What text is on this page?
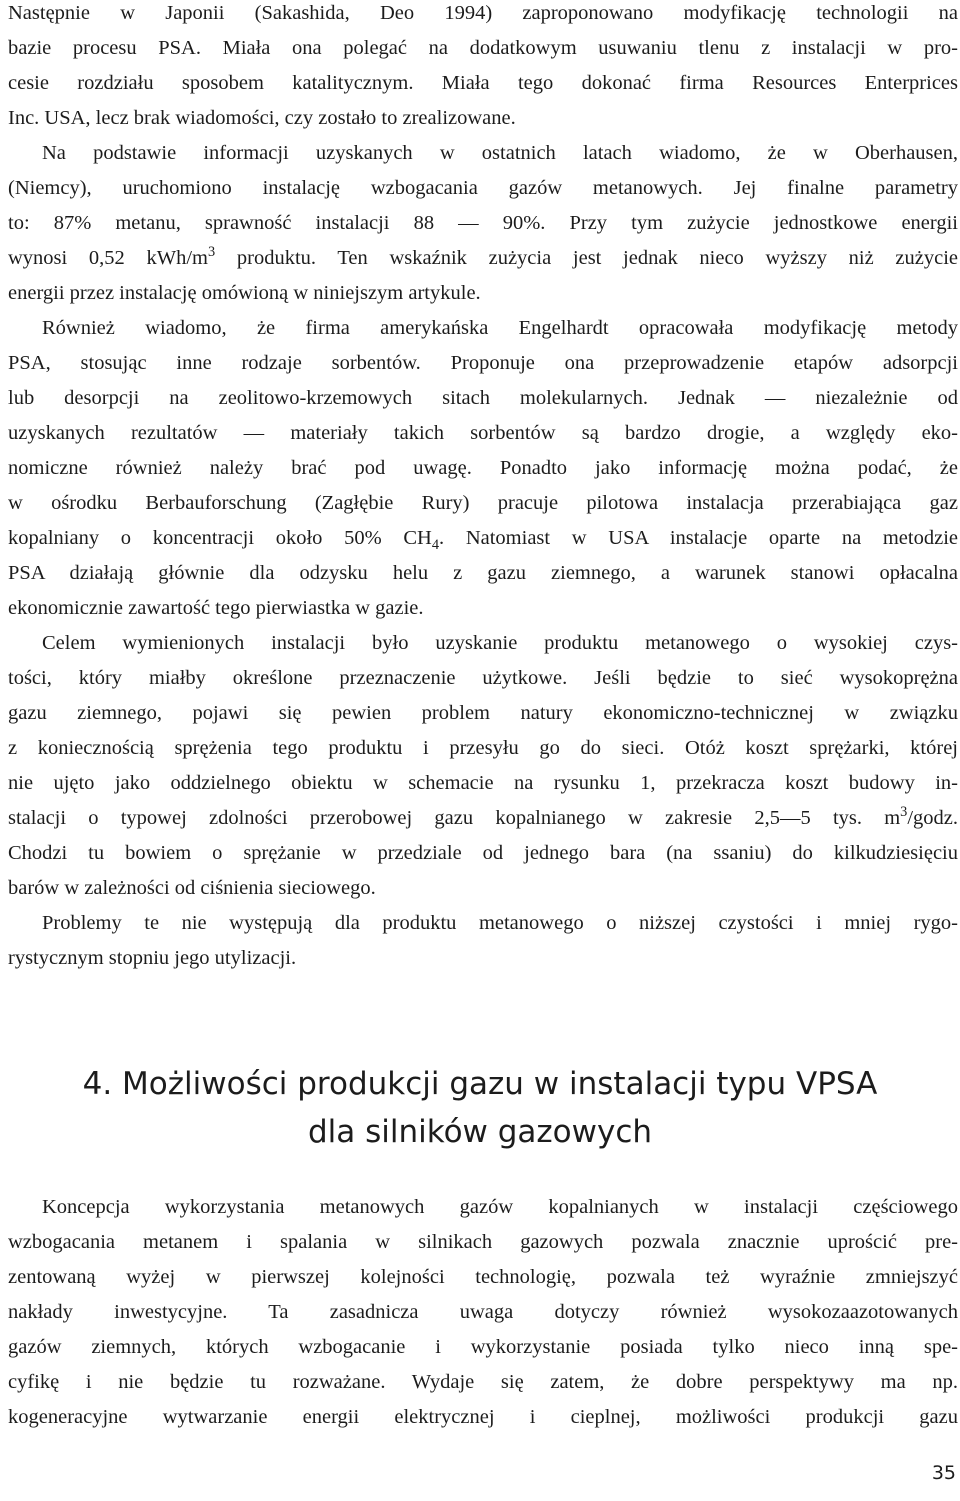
Następnie w Japonii (Sakashida, Deo 1994) zaproponowano modyfikację technologii na
bazie procesu PSA. Miała ona polegać na dodatkowym usuwaniu tlenu z instalacji w pro-
cesie rozdziału sposobem katalitycznym. Miała tego dokonać firma Resources Enterprices
Inc. USA, lecz brak wiadomości, czy zostało to zrealizowane.
Na podstawie informacji uzyskanych w ostatnich latach wiadomo, że w Oberhausen,
(Niemcy), uruchomiono instalację wzbogacania gazów metanowych. Jej finalne parametry
to: 87% metanu, sprawność instalacji 88 — 90%. Przy tym zużycie jednostkowe energii
wynosi 0,52 kWh/$m^3$ produktu. Ten wskaźnik zużycia jest jednak nieco wyższy niż zużycie
energii przez instalację omówioną w niniejszym artykule.
Również wiadomo, że firma amerykańska Engelhardt opracowała modyfikację metody
PSA, stosując inne rodzaje sorbentów. Proponuje ona przeprowadzenie etapów adsorpcji
lub desorpcji na zeolitowo-krzemowych sitach molekularnych. Jednak — niezależnie od
uzyskanych rezultatów — materiały takich sorbentów są bardzo drogie, a względy eko-
nomiczne również należy brać pod uwagę. Ponadto jako informację można podać, że
w ośrodku Berbauforschung (Zagłębie Rury) pracuje pilotowa instalacja przerabiająca gaz
kopalniany o koncentracji około 50% $CH_4$. Natomiast w USA instalacje oparte na metodzie
PSA działają głównie dla odzysku helu z gazu ziemnego, a warunek stanowi opłacalna
ekonomicznie zawartość tego pierwiastka w gazie.
Celem wymienionych instalacji było uzyskanie produktu metanowego o wysokiej czys-
tości, który miałby określone przeznaczenie użytkowe. Jeśli będzie to sieć wysokoprężna
gazu ziemnego, pojawi się pewien problem natury ekonomiczno-technicznej w związku
z koniecznością sprężenia tego produktu i przesyłu go do sieci. Otóż koszt sprężarki, której
nie ujęto jako oddzielnego obiektu w schemacie na rysunku 1, przekracza koszt budowy in-
stalacji o typowej zdolności przerobowej gazu kopalnianego w zakresie 2,5—5 tys. $m^3$/godz.
Chodzi tu bowiem o sprężanie w przedziale od jednego bara (na ssaniu) do kilkudziesięciu
barów w zależności od ciśnienia sieciowego.
Problemy te nie występują dla produktu metanowego o niższej czystości i mniej rygo-
rystycznym stopniu jego utylizacji.
4. Możliwości produkcji gazu w instalacji typu VPSA
dla silników gazowych
Koncepcja wykorzystania metanowych gazów kopalnianych w instalacji częściowego
wzbogacania metanem i spalania w silnikach gazowych pozwala znacznie uprościć pre-
zentowaną wyżej w pierwszej kolejności technologię, pozwala też wyraźnie zmniejszyć
nakłady inwestycyjne. Ta zasadnicza uwaga dotyczy również wysokozaazotowanych
gazów ziemnych, których wzbogacanie i wykorzystanie posiada tylko nieco inną spe-
cyfikę i nie będzie tu rozważane. Wydaje się zatem, że dobre perspektywy ma np.
kogeneracyjne wytwarzanie energii elektrycznej i cieplnej, możliwości produkcji gazu
35
